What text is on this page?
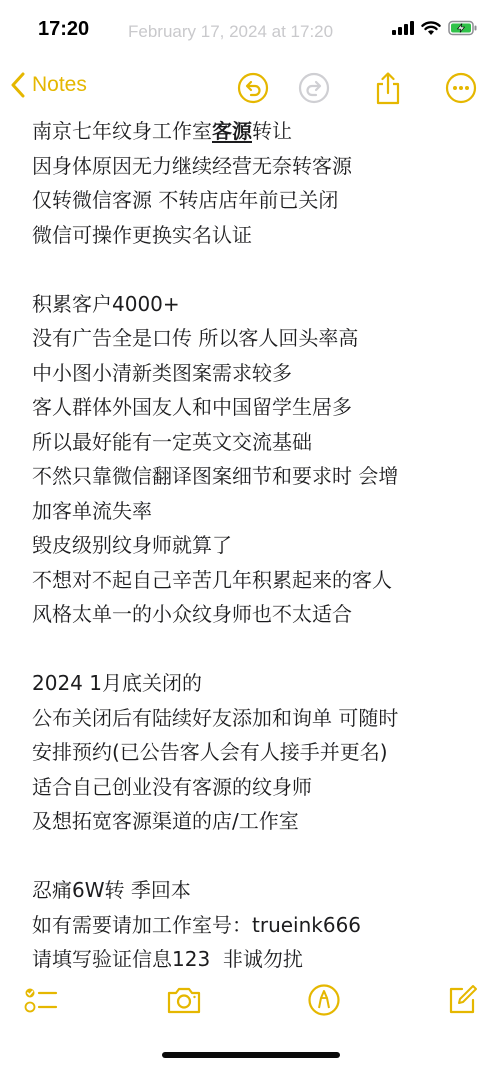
17:20 February 17, 2024 at 17:20
Notes
南京七年纹身工作室客源转让
因身体原因无力继续经营无奈转客源
仅转微信客源 不转店店年前已关闭
微信可操作更换实名认证
积累客户4000+
没有广告全是口传 所以客人回头率高
中小图小清新类图案需求较多
客人群体外国友人和中国留学生居多
所以最好能有一定英文交流基础
不然只靠微信翻译图案细节和要求时 会增
加客单流失率
毁皮级别纹身师就算了
不想对不起自己辛苦几年积累起来的客人
风格太单一的小众纹身师也不太适合
2024 1月底关闭的
公布关闭后有陆续好友添加和询单 可随时
安排预约(已公告客人会有人接手并更名)
适合自己创业没有客源的纹身师
及想拓宽客源渠道的店/工作室
忍痛6W转 季回本
如有需要请加工作室号：trueink666
请填写验证信息123  非诚勿扰
